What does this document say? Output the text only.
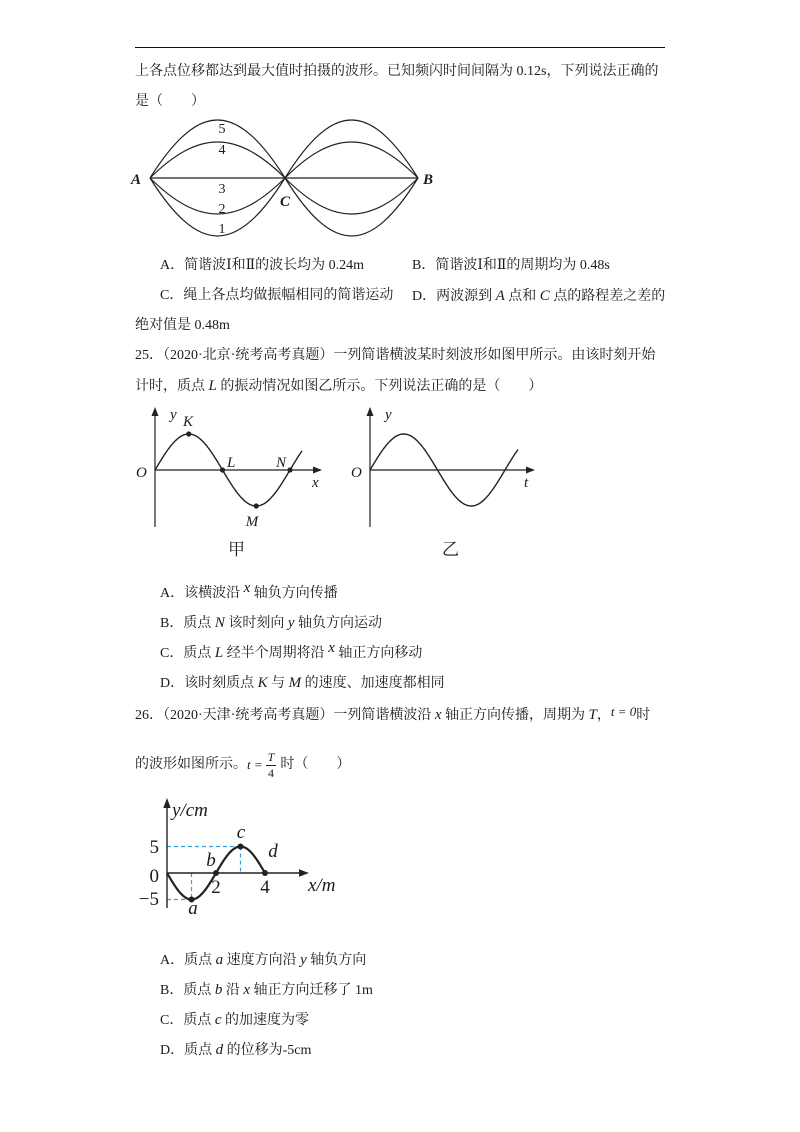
上各点位移都达到最大值时拍摄的波形。已知频闪时间间隔为 0.12s，下列说法正确的
是（　　）
A	B
C
5
4
3
2
1
A．简谐波Ⅰ和Ⅱ的波长均为 0.24m	B．简谐波Ⅰ和Ⅱ的周期均为 0.48s
C．绳上各点均做振幅相同的简谐运动 D．两波源到 A 点和 C 点的路程差之差的
绝对值是 0.48m
25．（2020·北京·统考高考真题）一列简谐横波某时刻波形如图甲所示。由该时刻开始
计时，质点 L 的振动情况如图乙所示。下列说法正确的是（　　）
y
O
x
K
L
M
N
y
O
t
甲	乙
A．该横波沿 x 轴负方向传播
B．质点 N 该时刻向 y 轴负方向运动
C．质点 L 经半个周期将沿 x 轴正方向移动
D．该时刻质点 K 与 M 的速度、加速度都相同
26．（2020·天津·统考高考真题）一列简谐横波沿 x 轴正方向传播，周期为 T，t = 0时
的波形如图所示。 $t = \frac{T}{4}$ 时（　　）
y/cm
x/m
5
0
−5
2 4
a
b
c
d
A．质点 a 速度方向沿 y 轴负方向
B．质点 b 沿 x 轴正方向迁移了 1m
C．质点 c 的加速度为零
D．质点 d 的位移为-5cm
